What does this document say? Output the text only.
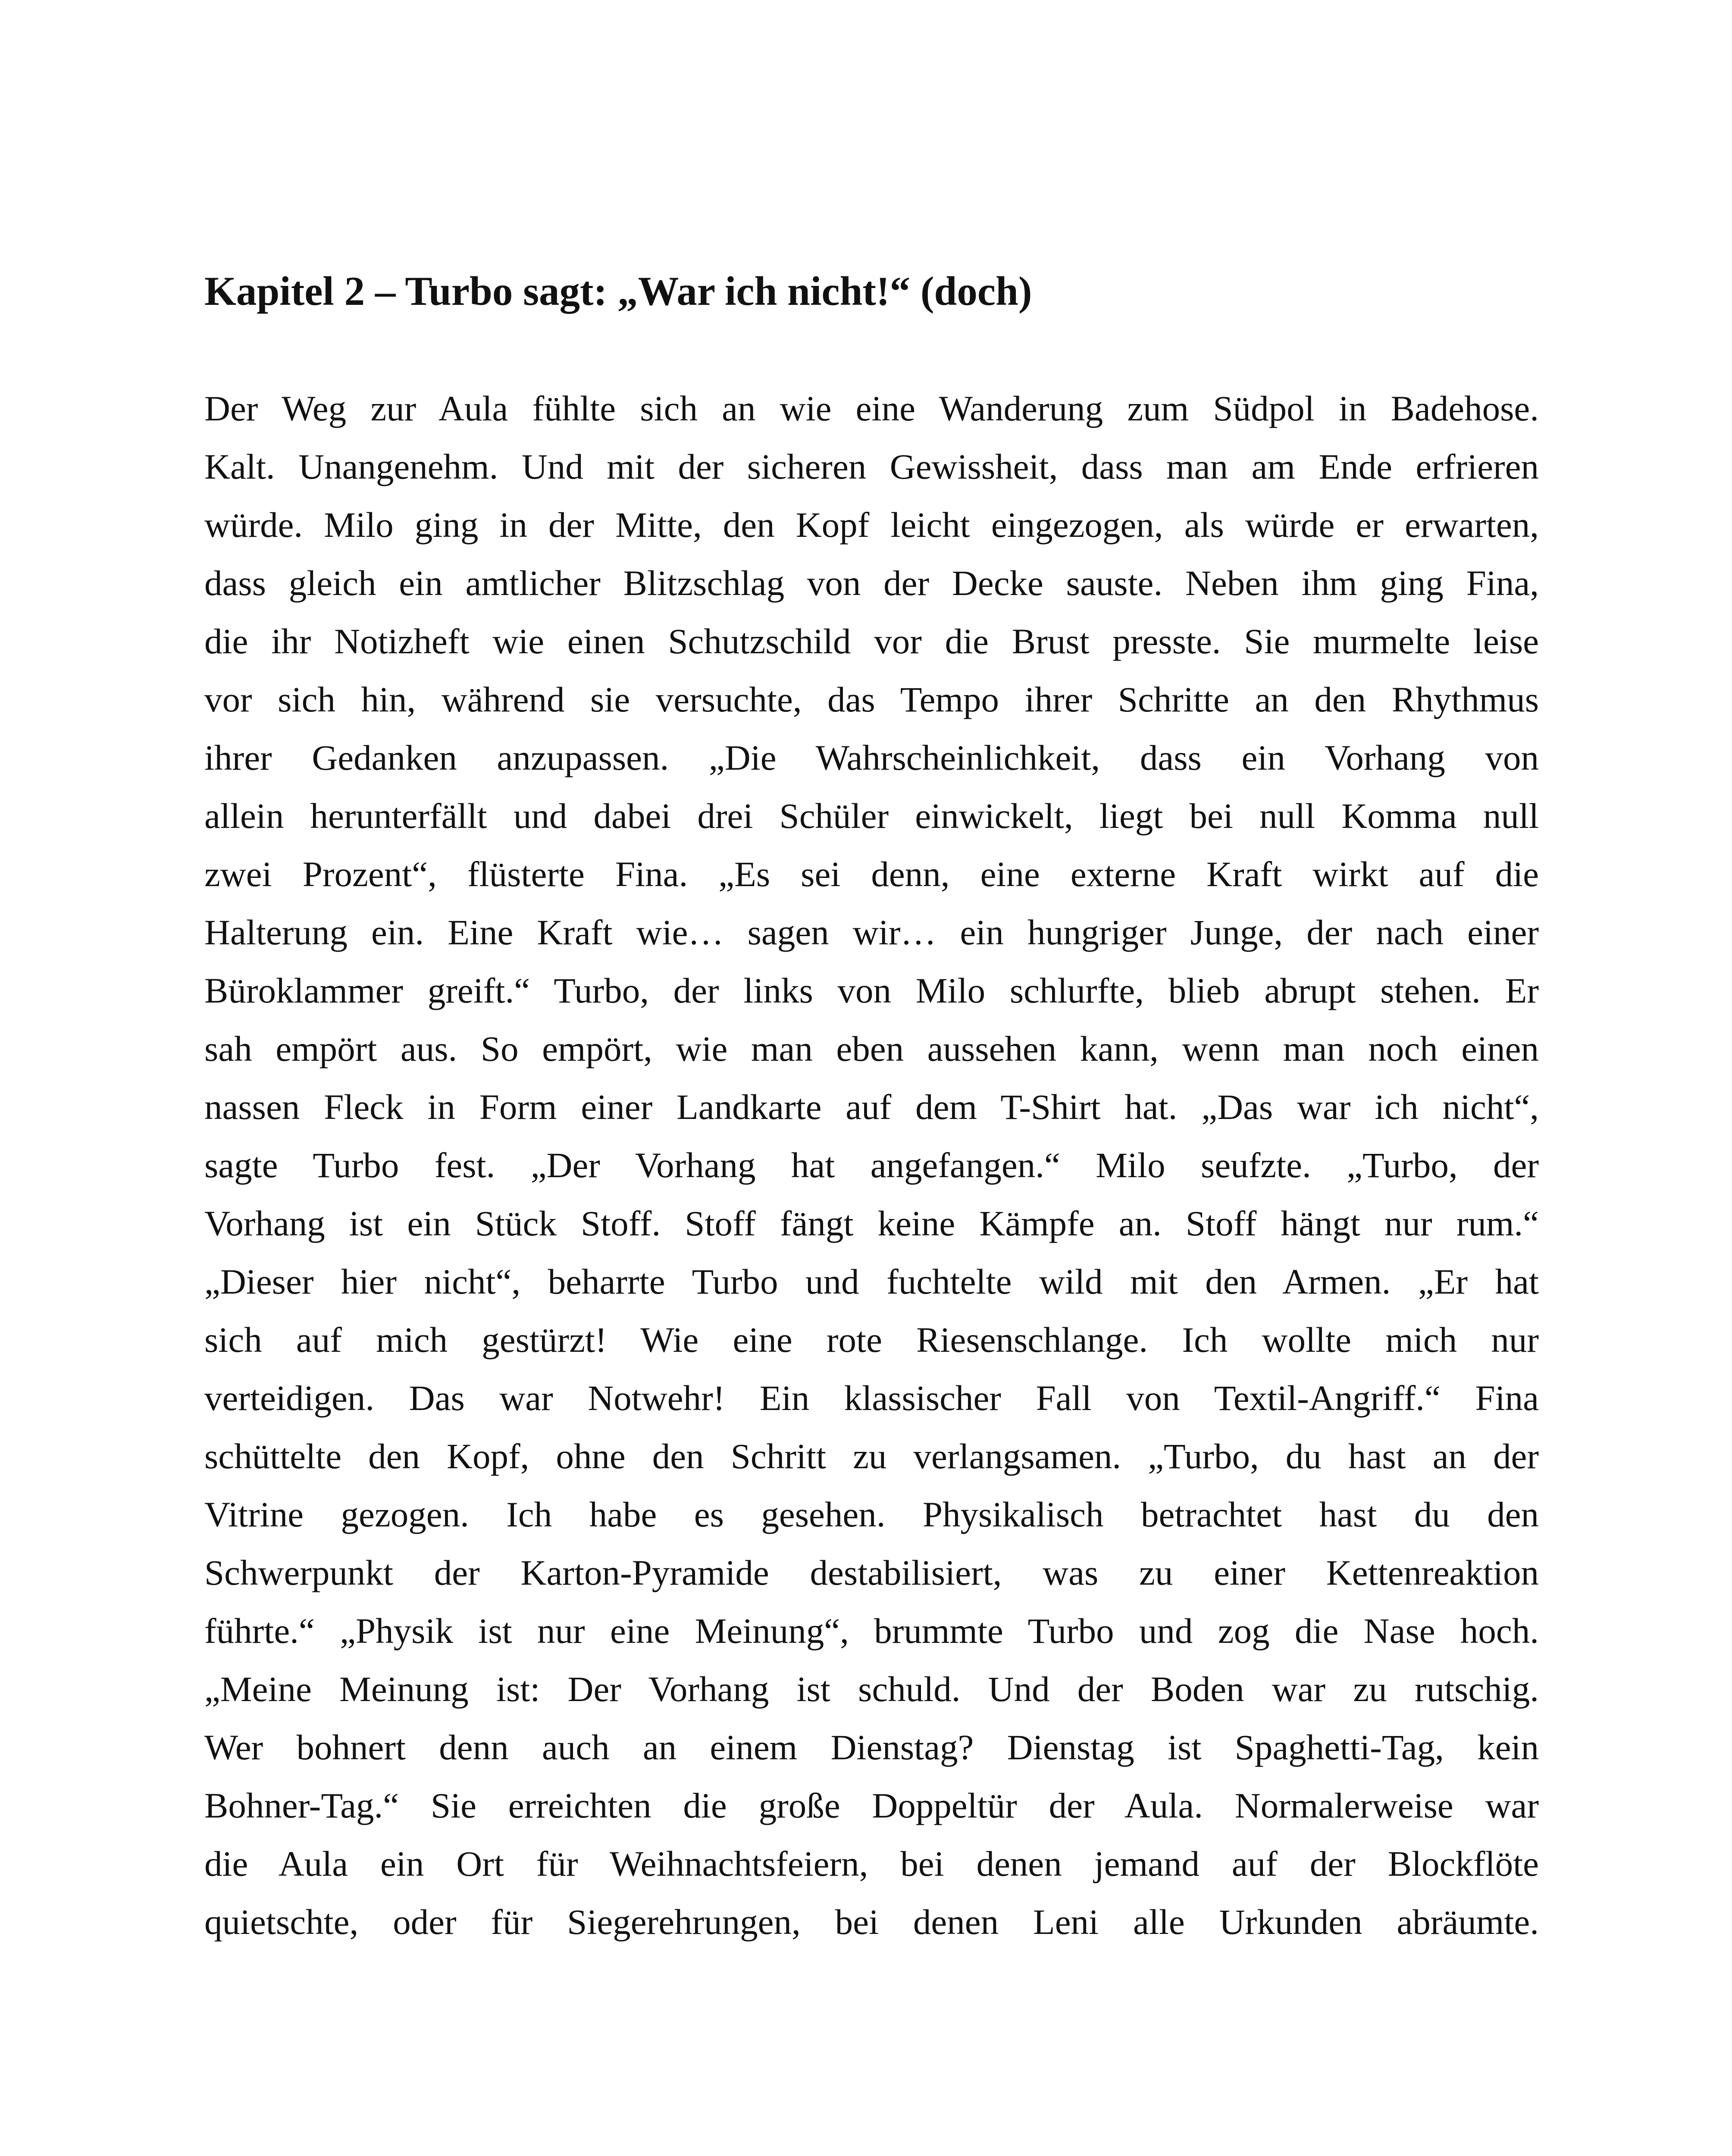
Kapitel 2 – Turbo sagt: „War ich nicht!“ (doch)
Der Weg zur Aula fühlte sich an wie eine Wanderung zum Südpol in Badehose.
Kalt. Unangenehm. Und mit der sicheren Gewissheit, dass man am Ende erfrieren
würde. Milo ging in der Mitte, den Kopf leicht eingezogen, als würde er erwarten,
dass gleich ein amtlicher Blitzschlag von der Decke sauste. Neben ihm ging Fina,
die ihr Notizheft wie einen Schutzschild vor die Brust presste. Sie murmelte leise
vor sich hin, während sie versuchte, das Tempo ihrer Schritte an den Rhythmus
ihrer Gedanken anzupassen. „Die Wahrscheinlichkeit, dass ein Vorhang von
allein herunterfällt und dabei drei Schüler einwickelt, liegt bei null Komma null
zwei Prozent“, flüsterte Fina. „Es sei denn, eine externe Kraft wirkt auf die
Halterung ein. Eine Kraft wie… sagen wir… ein hungriger Junge, der nach einer
Büroklammer greift.“ Turbo, der links von Milo schlurfte, blieb abrupt stehen. Er
sah empört aus. So empört, wie man eben aussehen kann, wenn man noch einen
nassen Fleck in Form einer Landkarte auf dem T-Shirt hat. „Das war ich nicht“,
sagte Turbo fest. „Der Vorhang hat angefangen.“ Milo seufzte. „Turbo, der
Vorhang ist ein Stück Stoff. Stoff fängt keine Kämpfe an. Stoff hängt nur rum.“
„Dieser hier nicht“, beharrte Turbo und fuchtelte wild mit den Armen. „Er hat
sich auf mich gestürzt! Wie eine rote Riesenschlange. Ich wollte mich nur
verteidigen. Das war Notwehr! Ein klassischer Fall von Textil-Angriff.“ Fina
schüttelte den Kopf, ohne den Schritt zu verlangsamen. „Turbo, du hast an der
Vitrine gezogen. Ich habe es gesehen. Physikalisch betrachtet hast du den
Schwerpunkt der Karton-Pyramide destabilisiert, was zu einer Kettenreaktion
führte.“ „Physik ist nur eine Meinung“, brummte Turbo und zog die Nase hoch.
„Meine Meinung ist: Der Vorhang ist schuld. Und der Boden war zu rutschig.
Wer bohnert denn auch an einem Dienstag? Dienstag ist Spaghetti-Tag, kein
Bohner-Tag.“ Sie erreichten die große Doppeltür der Aula. Normalerweise war
die Aula ein Ort für Weihnachtsfeiern, bei denen jemand auf der Blockflöte
quietschte, oder für Siegerehrungen, bei denen Leni alle Urkunden abräumte.
